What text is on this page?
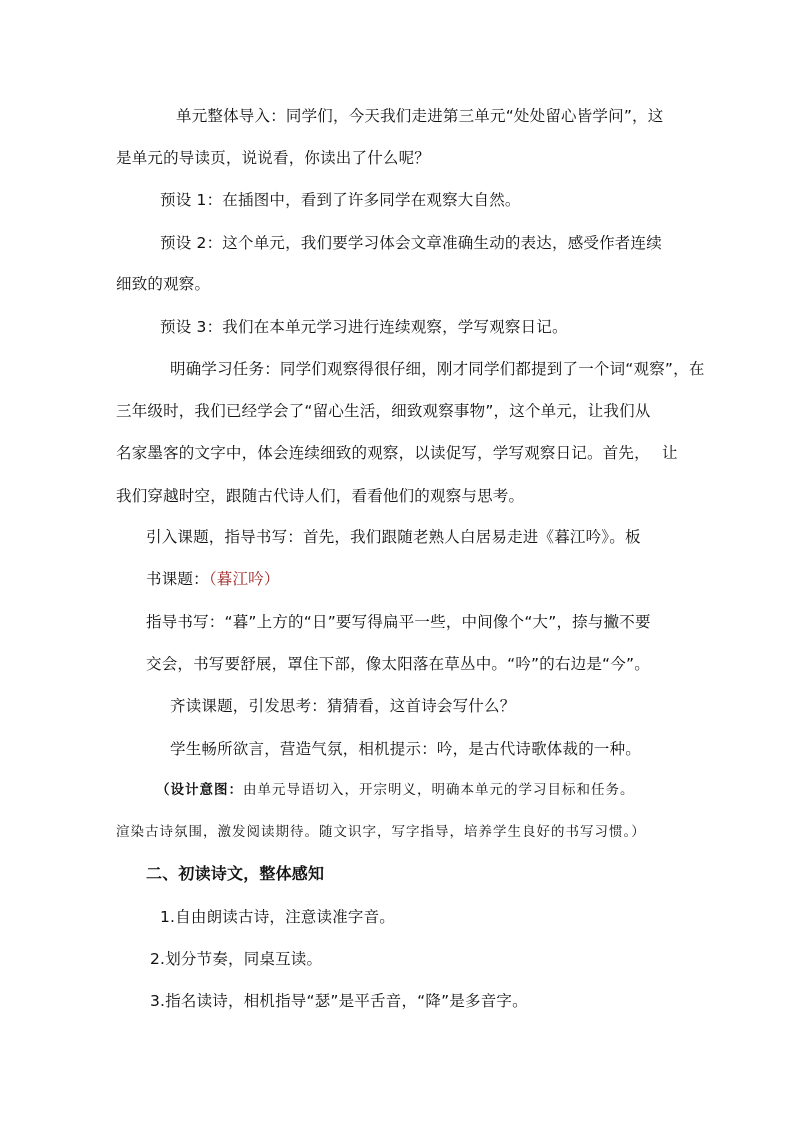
单元整体导入：同学们，今天我们走进第三单元“处处留心皆学问”，这
是单元的导读页，说说看，你读出了什么呢？
预设 1：在插图中，看到了许多同学在观察大自然。
预设 2：这个单元，我们要学习体会文章准确生动的表达，感受作者连续
细致的观察。
预设 3：我们在本单元学习进行连续观察，学写观察日记。
明确学习任务：同学们观察得很仔细，刚才同学们都提到了一个词“观察”，在
三年级时，我们已经学会了“留心生活，细致观察事物”，这个单元，让我们从
名家墨客的文字中，体会连续细致的观察，以读促写，学写观察日记。首先， 让
我们穿越时空，跟随古代诗人们，看看他们的观察与思考。
引入课题，指导书写：首先，我们跟随老熟人白居易走进《暮江吟》。板
书课题：（暮江吟）
指导书写：“暮”上方的“日”要写得扁平一些，中间像个“大”，捺与撇不要
交会，书写要舒展，罩住下部，像太阳落在草丛中。“吟”的右边是“今”。
齐读课题，引发思考：猜猜看，这首诗会写什么？
学生畅所欲言，营造气氛，相机提示：吟，是古代诗歌体裁的一种。
（设计意图：由单元导语切入，开宗明义，明确本单元的学习目标和任务。
渲染古诗氛围，激发阅读期待。随文识字，写字指导，培养学生良好的书写习惯。）
二、初读诗文，整体感知
1.自由朗读古诗，注意读准字音。
2.划分节奏，同桌互读。
3.指名读诗，相机指导“瑟”是平舌音，“降”是多音字。
